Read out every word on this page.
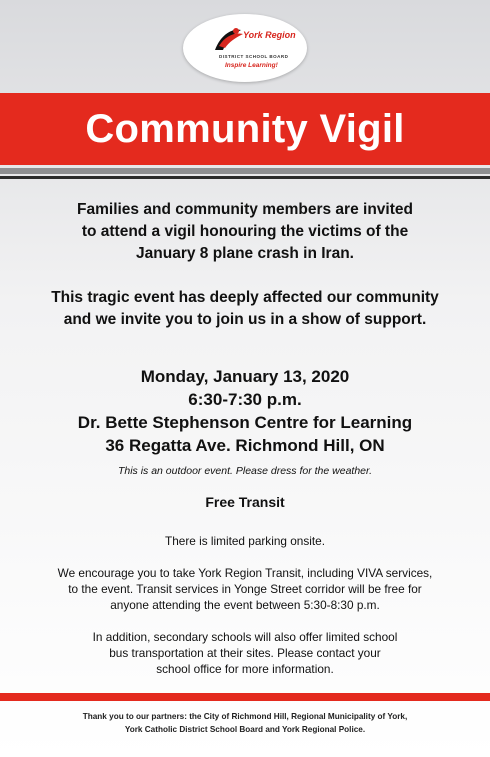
York Region
DISTRICT SCHOOL BOARD
Inspire Learning!
Community Vigil

Families and community members are invited
to attend a vigil honouring the victims of the
January 8 plane crash in Iran.

This tragic event has deeply affected our community
and we invite you to join us in a show of support.

Monday, January 13, 2020
6:30-7:30 p.m.
Dr. Bette Stephenson Centre for Learning
36 Regatta Ave. Richmond Hill, ON
This is an outdoor event. Please dress for the weather.
Free Transit

There is limited parking onsite.

We encourage you to take York Region Transit, including VIVA services,
to the event. Transit services in Yonge Street corridor will be free for
anyone attending the event between 5:30-8:30 p.m.

In addition, secondary schools will also offer limited school
bus transportation at their sites. Please contact your
school office for more information.

Thank you to our partners: the City of Richmond Hill, Regional Municipality of York,
York Catholic District School Board and York Regional Police.
